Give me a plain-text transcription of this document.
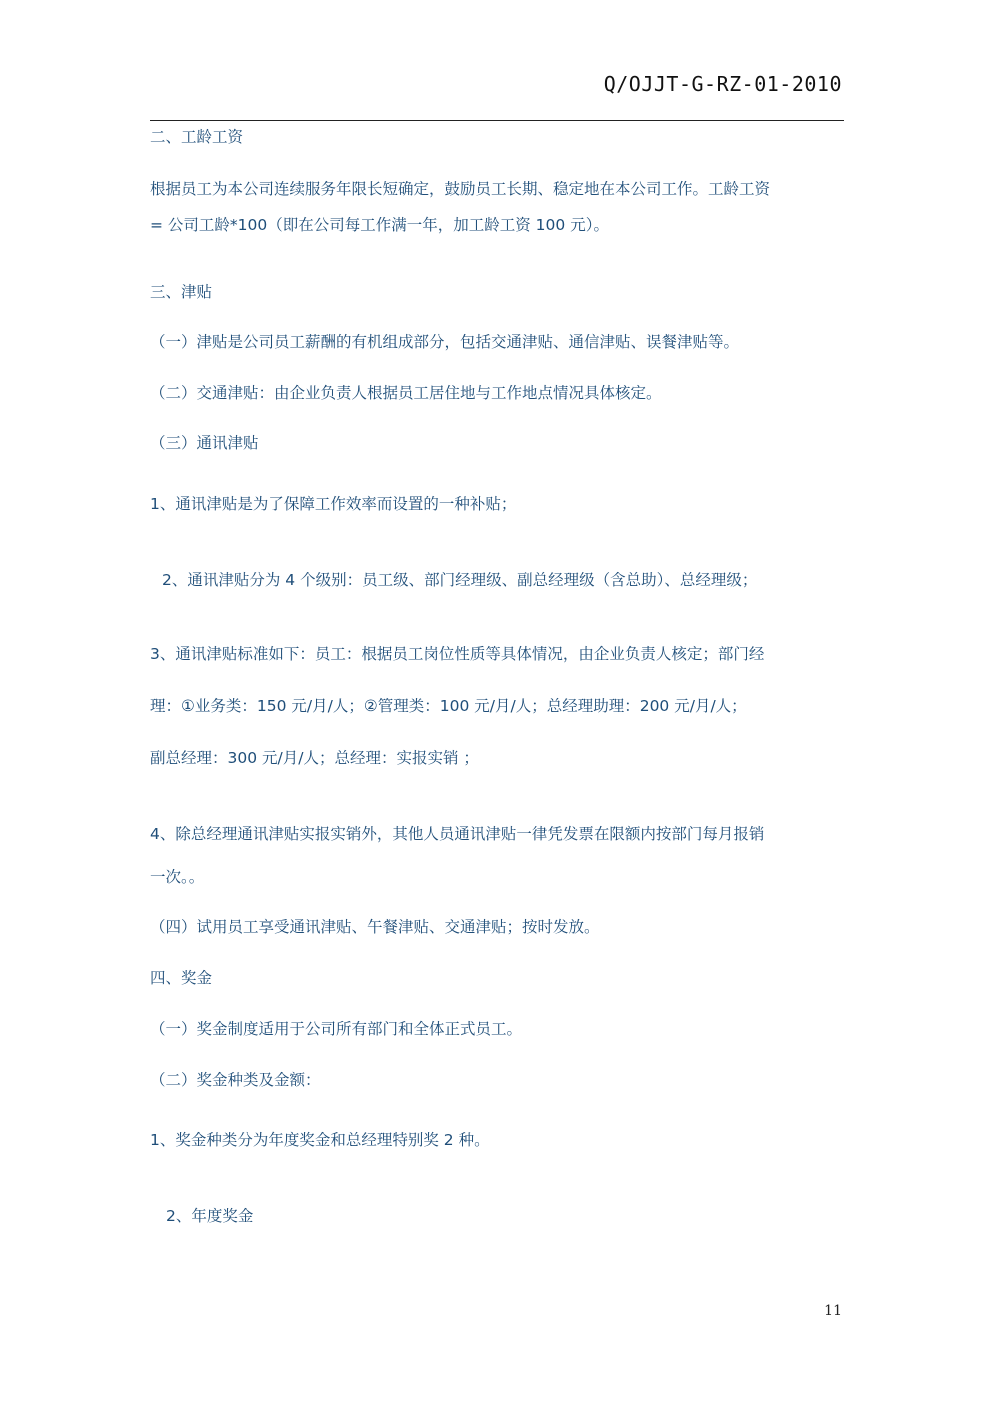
Q/OJJT-G-RZ-01-2010
二、工龄工资
根据员工为本公司连续服务年限长短确定，鼓励员工长期、稳定地在本公司工作。工龄工资
= 公司工龄*100（即在公司每工作满一年，加工龄工资 100 元）。
三、津贴
（一）津贴是公司员工薪酬的有机组成部分，包括交通津贴、通信津贴、误餐津贴等。
（二）交通津贴：由企业负责人根据员工居住地与工作地点情况具体核定。
（三）通讯津贴
1、通讯津贴是为了保障工作效率而设置的一种补贴；
2、通讯津贴分为 4 个级别：员工级、部门经理级、副总经理级（含总助）、总经理级；
3、通讯津贴标准如下：员工：根据员工岗位性质等具体情况，由企业负责人核定；部门经
理：①业务类：150 元/月/人；②管理类：100 元/月/人；总经理助理：200 元/月/人；
副总经理：300 元/月/人；总经理：实报实销 ；
4、除总经理通讯津贴实报实销外，其他人员通讯津贴一律凭发票在限额内按部门每月报销
一次。。
（四）试用员工享受通讯津贴、午餐津贴、交通津贴；按时发放。
四、奖金
（一）奖金制度适用于公司所有部门和全体正式员工。
（二）奖金种类及金额：
1、奖金种类分为年度奖金和总经理特别奖 2 种。
2、年度奖金
11
